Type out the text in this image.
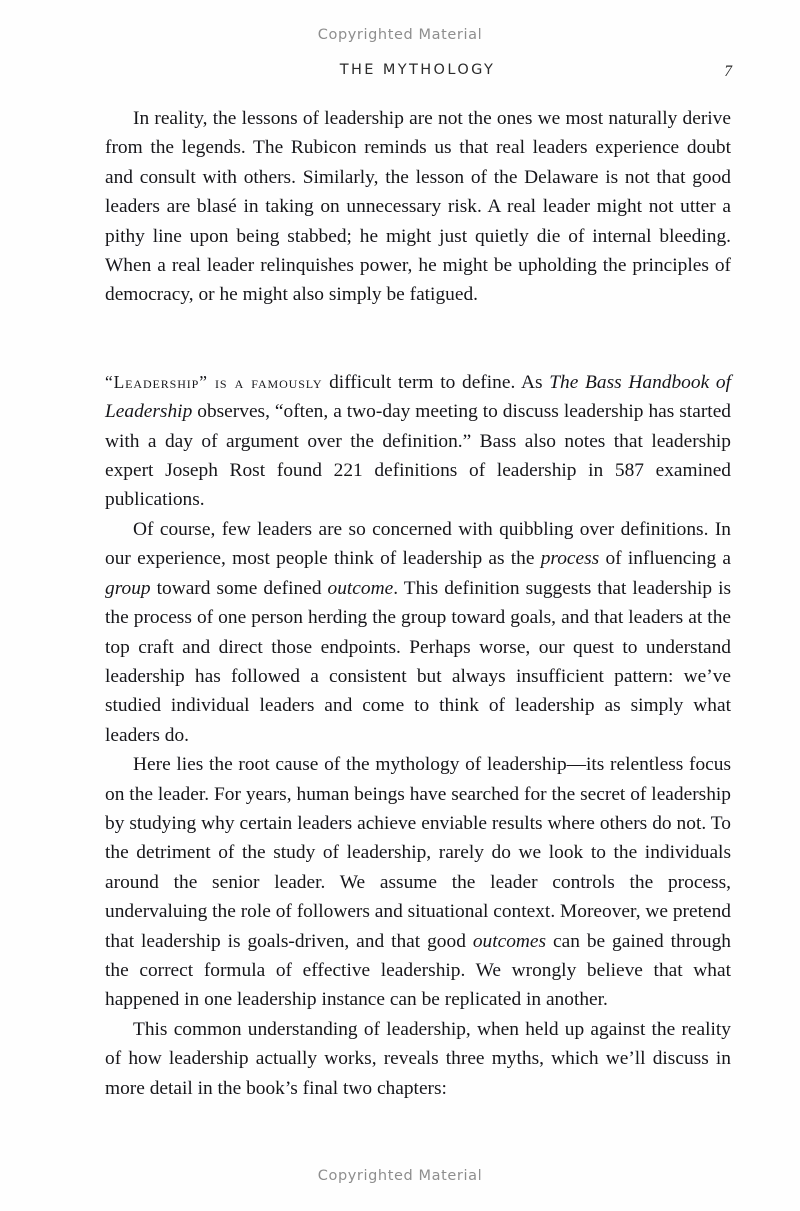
Copyrighted Material
THE MYTHOLOGY	7

In reality, the lessons of leadership are not the ones we most naturally derive from the legends. The Rubicon reminds us that real leaders experience doubt and consult with others. Similarly, the lesson of the Delaware is not that good leaders are blasé in taking on unnecessary risk. A real leader might not utter a pithy line upon being stabbed; he might just quietly die of internal bleeding. When a real leader relinquishes power, he might be upholding the principles of democracy, or he might also simply be fatigued.

“Leadership” is a famously difficult term to define. As The Bass Handbook of Leadership observes, “often, a two-day meeting to discuss leadership has started with a day of argument over the definition.” Bass also notes that leadership expert Joseph Rost found 221 definitions of leadership in 587 examined publications.

Of course, few leaders are so concerned with quibbling over definitions. In our experience, most people think of leadership as the process of influencing a group toward some defined outcome. This definition suggests that leadership is the process of one person herding the group toward goals, and that leaders at the top craft and direct those endpoints. Perhaps worse, our quest to understand leadership has followed a consistent but always insufficient pattern: we’ve studied individual leaders and come to think of leadership as simply what leaders do.

Here lies the root cause of the mythology of leadership—its relentless focus on the leader. For years, human beings have searched for the secret of leadership by studying why certain leaders achieve enviable results where others do not. To the detriment of the study of leadership, rarely do we look to the individuals around the senior leader. We assume the leader controls the process, undervaluing the role of followers and situational context. Moreover, we pretend that leadership is goals-driven, and that good outcomes can be gained through the correct formula of effective leadership. We wrongly believe that what happened in one leadership instance can be replicated in another.

This common understanding of leadership, when held up against the reality of how leadership actually works, reveals three myths, which we’ll discuss in more detail in the book’s final two chapters:

Copyrighted Material
